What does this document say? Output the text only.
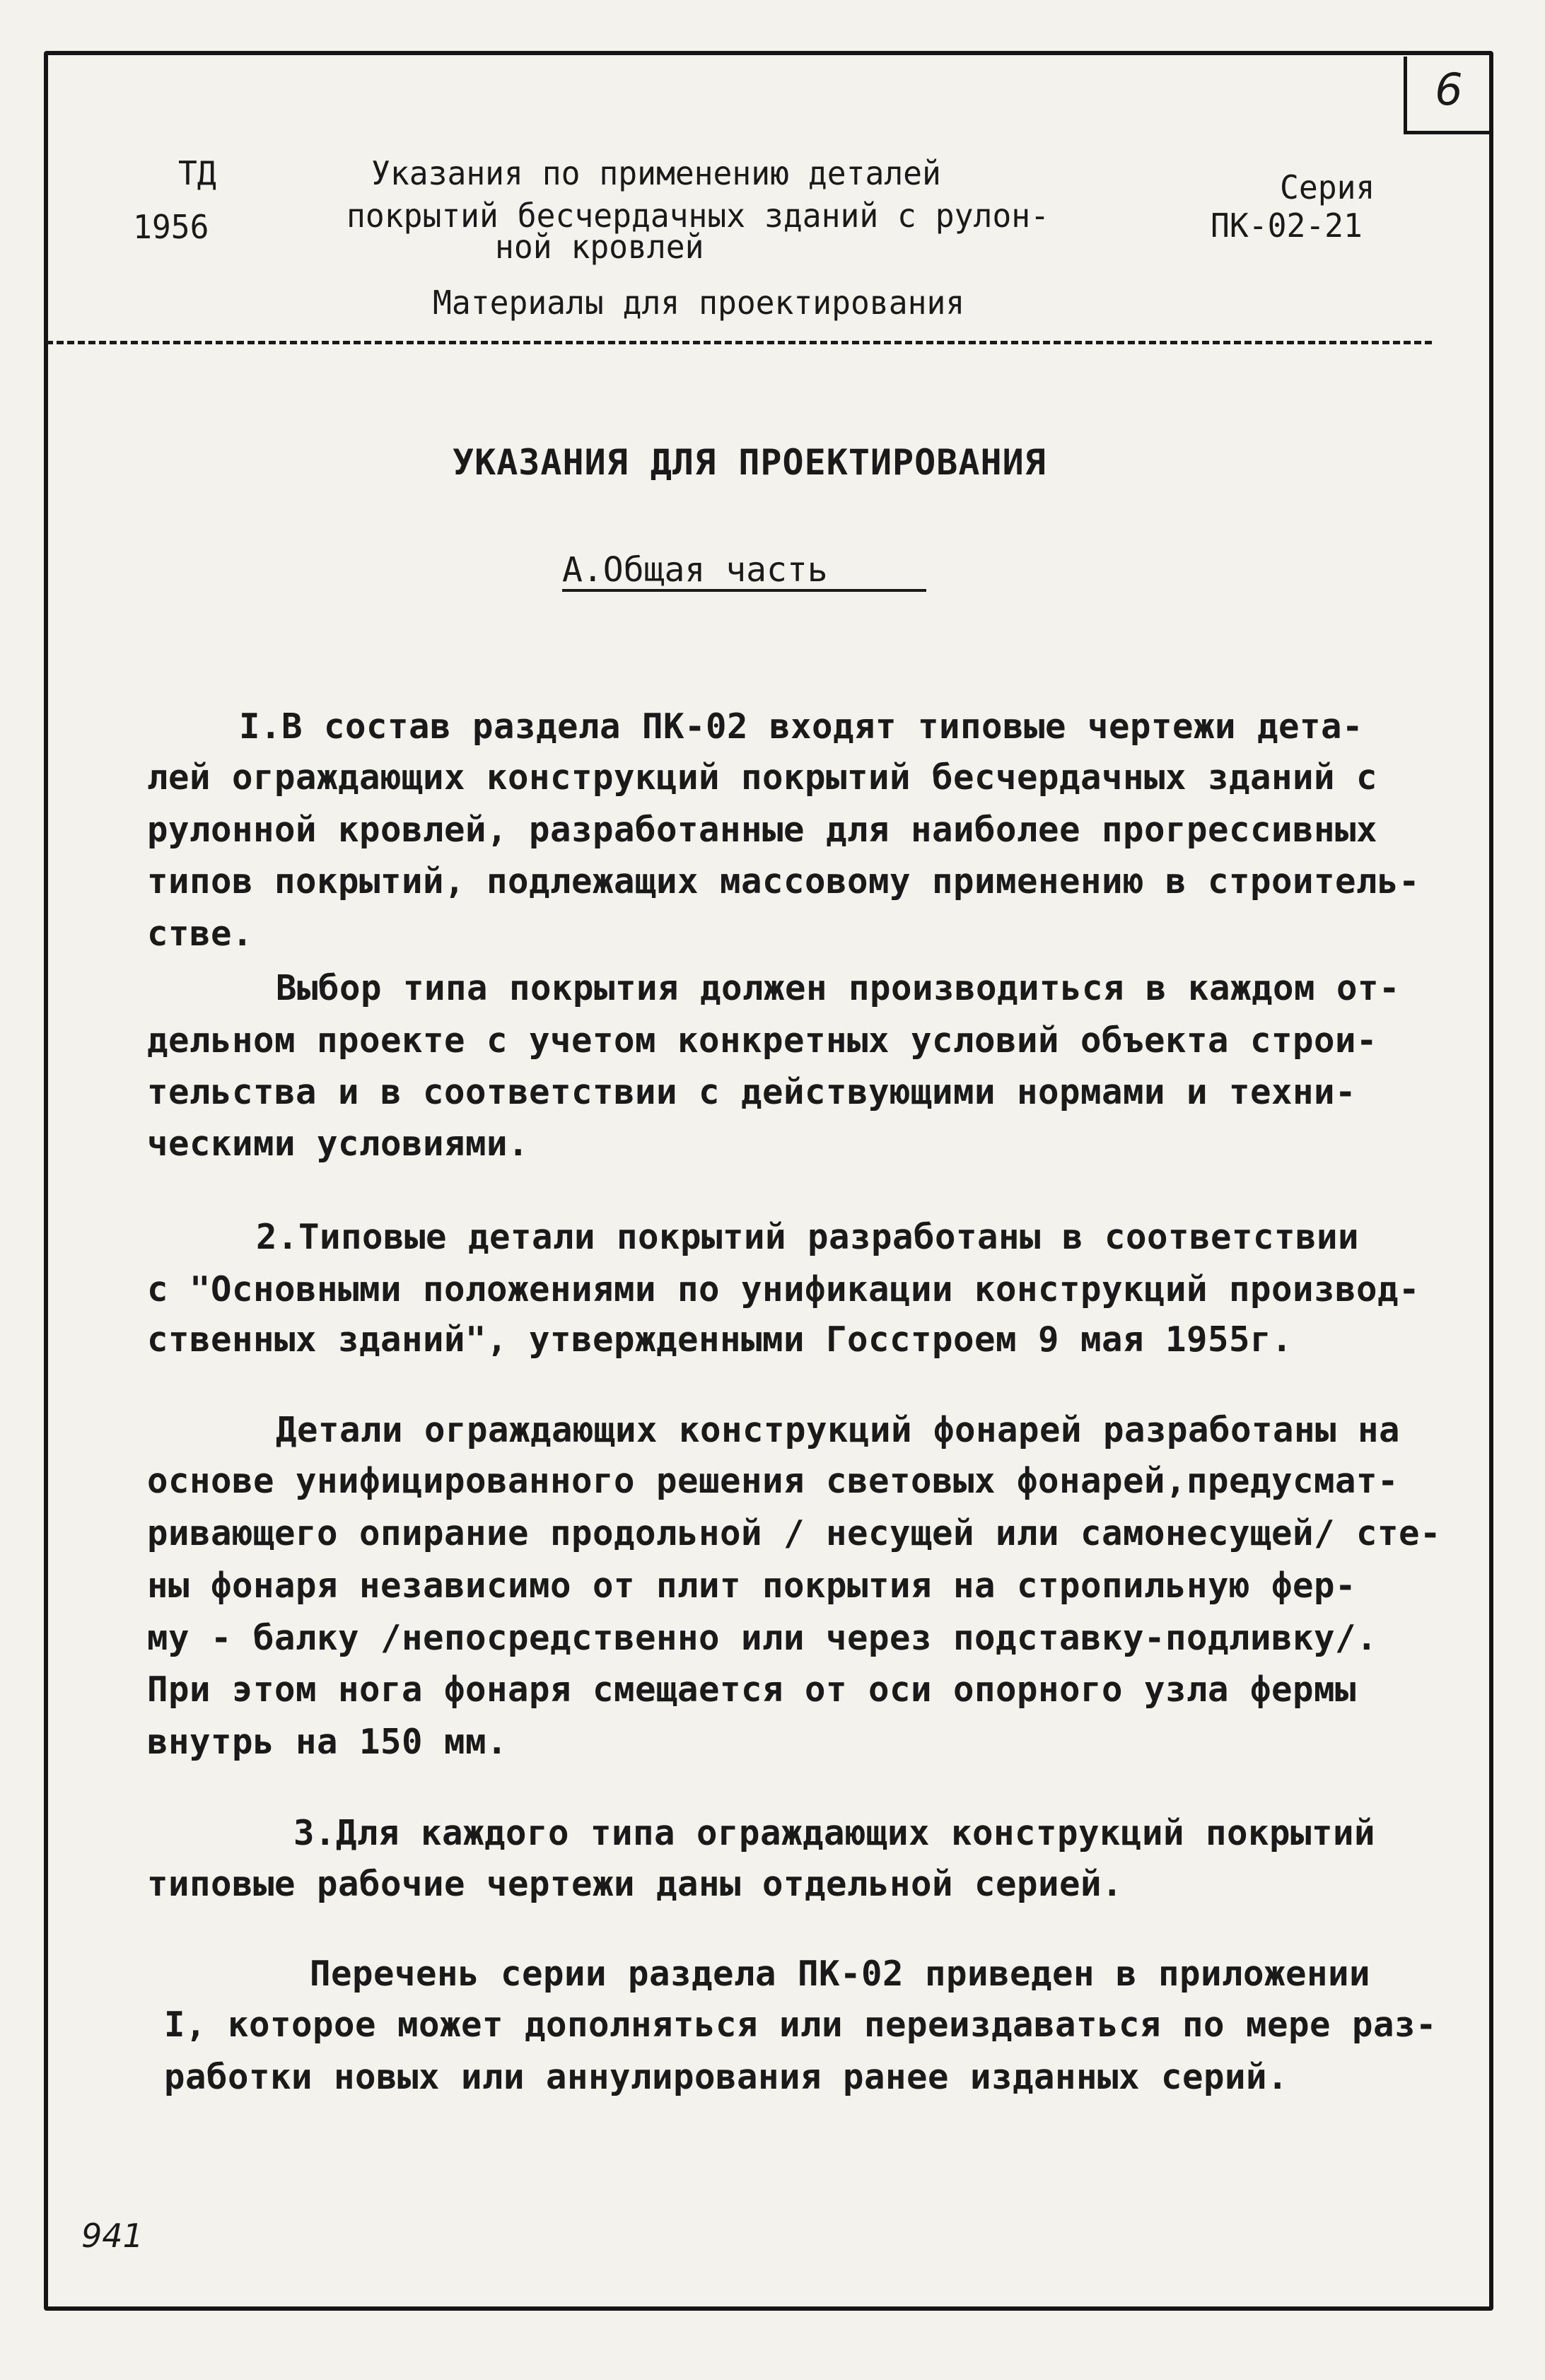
6
ТД
1956
Указания по применению деталей
покрытий бесчердачных зданий с рулон-
ной кровлей
Серия
ПК-02-21
Материалы для проектирования
УКАЗАНИЯ ДЛЯ ПРОЕКТИРОВАНИЯ
А.Общая часть
I.В состав раздела ПК-02 входят типовые чертежи дета-
лей ограждающих конструкций покрытий бесчердачных зданий с
рулонной кровлей, разработанные для наиболее прогрессивных
типов покрытий, подлежащих массовому применению в строитель-
стве.
Выбор типа покрытия должен производиться в каждом от-
дельном проекте с учетом конкретных условий объекта строи-
тельства и в соответствии с действующими нормами и техни-
ческими условиями.
2.Типовые детали покрытий разработаны в соответствии
с "Основными положениями по унификации конструкций производ-
ственных зданий", утвержденными Госстроем 9 мая 1955г.
Детали ограждающих конструкций фонарей разработаны на
основе унифицированного решения световых фонарей,предусмат-
ривающего опирание продольной / несущей или самонесущей/ сте-
ны фонаря независимо от плит покрытия на стропильную фер-
му - балку /непосредственно или через подставку-подливку/.
При этом нога фонаря смещается от оси опорного узла фермы
внутрь на 150 мм.
3.Для каждого типа ограждающих конструкций покрытий
типовые рабочие чертежи даны отдельной серией.
Перечень серии раздела ПК-02 приведен в приложении
I, которое может дополняться или переиздаваться по мере раз-
работки новых или аннулирования ранее изданных серий.
941
